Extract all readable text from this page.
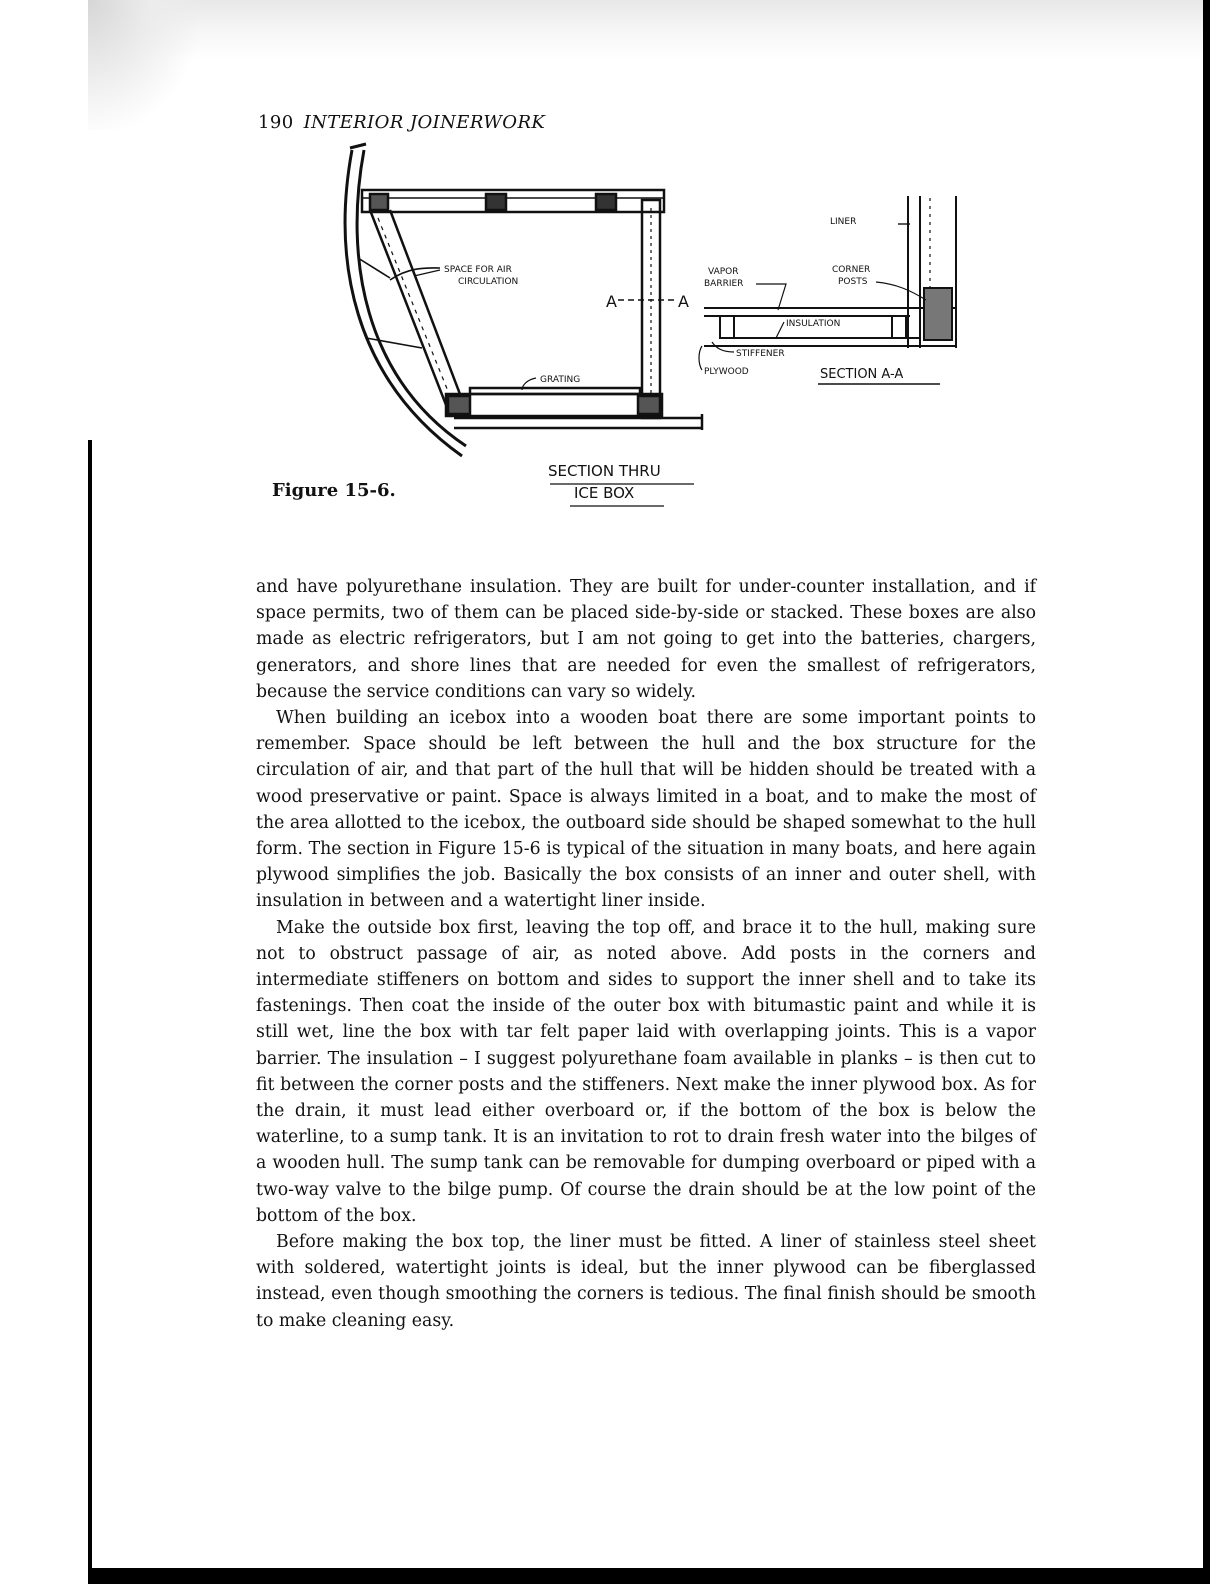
190 INTERIOR JOINERWORK
A	A
SPACE FOR AIR
CIRCULATION
GRATING
LINER
VAPOR
BARRIER
CORNER
POSTS
INSULATION
STIFFENER
PLYWOOD	SECTION A-A
SECTION THRU
ICE BOX
Figure 15-6.

and have polyurethane insulation. They are built for under-counter installation, and if space permits, two of them can be placed side-by-side or stacked. These boxes are also made as electric refrigerators, but I am not going to get into the batteries, chargers, generators, and shore lines that are needed for even the smallest of refrigerators, because the service conditions can vary so widely.

When building an icebox into a wooden boat there are some important points to remember. Space should be left between the hull and the box structure for the circulation of air, and that part of the hull that will be hidden should be treated with a wood preservative or paint. Space is always limited in a boat, and to make the most of the area allotted to the icebox, the outboard side should be shaped somewhat to the hull form. The section in Figure 15-6 is typical of the situation in many boats, and here again plywood simplifies the job. Basically the box consists of an inner and outer shell, with insulation in between and a watertight liner inside.

Make the outside box first, leaving the top off, and brace it to the hull, making sure not to obstruct passage of air, as noted above. Add posts in the corners and intermediate stiffeners on bottom and sides to support the inner shell and to take its fastenings. Then coat the inside of the outer box with bitumastic paint and while it is still wet, line the box with tar felt paper laid with overlapping joints. This is a vapor barrier. The insulation – I suggest polyurethane foam available in planks – is then cut to fit between the corner posts and the stiffeners. Next make the inner plywood box. As for the drain, it must lead either overboard or, if the bottom of the box is below the waterline, to a sump tank. It is an invitation to rot to drain fresh water into the bilges of a wooden hull. The sump tank can be removable for dumping overboard or piped with a two-way valve to the bilge pump. Of course the drain should be at the low point of the bottom of the box.

Before making the box top, the liner must be fitted. A liner of stainless steel sheet with soldered, watertight joints is ideal, but the inner plywood can be fiberglassed instead, even though smoothing the corners is tedious. The final finish should be smooth to make cleaning easy.
